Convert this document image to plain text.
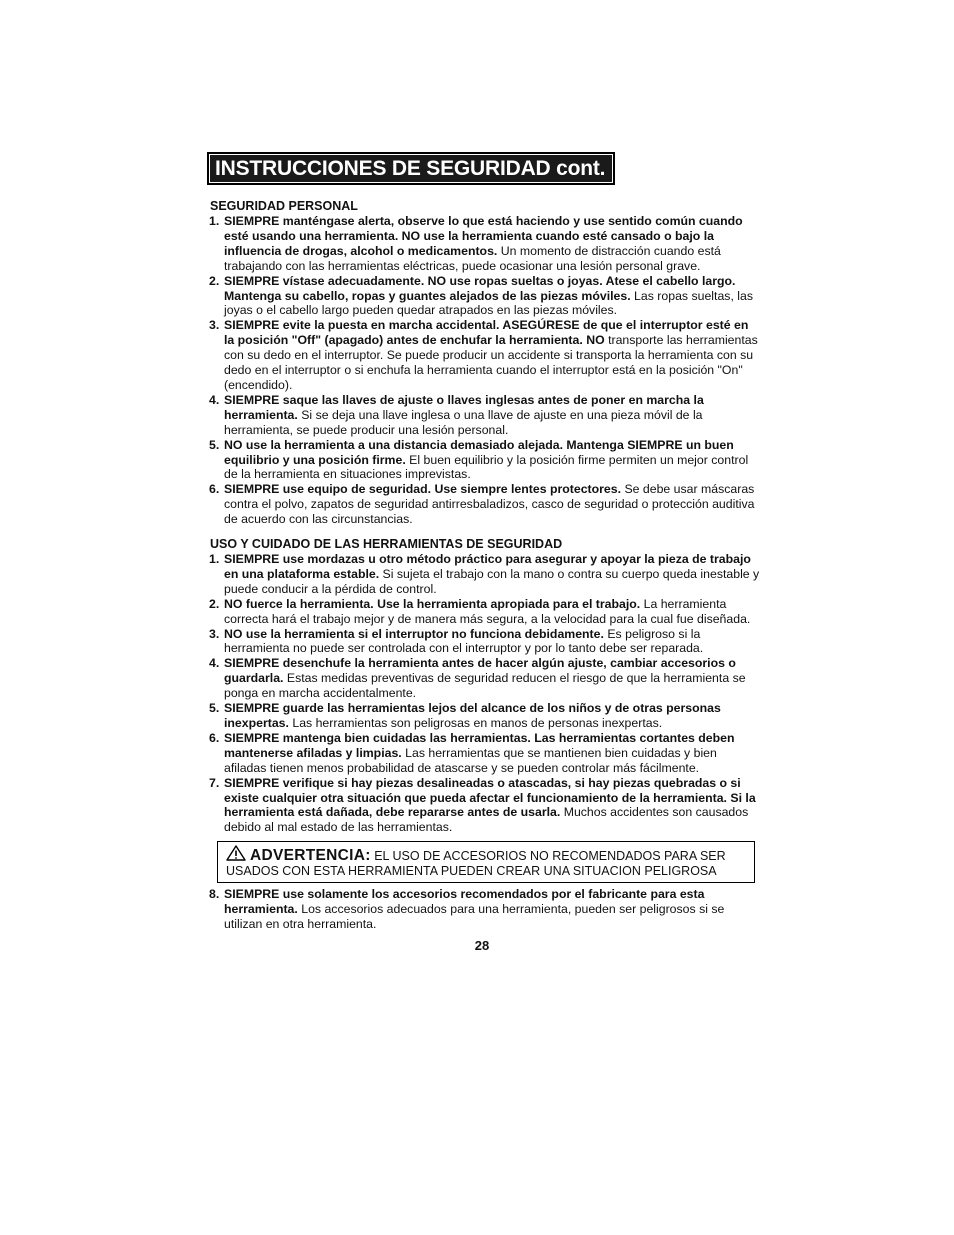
INSTRUCCIONES DE SEGURIDAD cont.
SEGURIDAD PERSONAL
1. SIEMPRE manténgase alerta, observe lo que está haciendo y use sentido común cuando esté usando una herramienta. NO use la herramienta cuando esté cansado o bajo la influencia de drogas, alcohol o medicamentos. Un momento de distracción cuando está trabajando con las herramientas eléctricas, puede ocasionar una lesión personal grave.
2. SIEMPRE vístase adecuadamente. NO use ropas sueltas o joyas. Atese el cabello largo. Mantenga su cabello, ropas y guantes alejados de las piezas móviles. Las ropas sueltas, las joyas o el cabello largo pueden quedar atrapados en las piezas móviles.
3. SIEMPRE evite la puesta en marcha accidental. ASEGÚRESE de que el interruptor esté en la posición "Off" (apagado) antes de enchufar la herramienta. NO transporte las herramientas con su dedo en el interruptor. Se puede producir un accidente si transporta la herramienta con su dedo en el interruptor o si enchufa la herramienta cuando el interruptor está en la posición "On" (encendido).
4. SIEMPRE saque las llaves de ajuste o llaves inglesas antes de poner en marcha la herramienta. Si se deja una llave inglesa o una llave de ajuste en una pieza móvil de la herramienta, se puede producir una lesión personal.
5. NO use la herramienta a una distancia demasiado alejada. Mantenga SIEMPRE un buen equilibrio y una posición firme. El buen equilibrio y la posición firme permiten un mejor control de la herramienta en situaciones imprevistas.
6. SIEMPRE use equipo de seguridad. Use siempre lentes protectores. Se debe usar máscaras contra el polvo, zapatos de seguridad antirresbaladizos, casco de seguridad o protección auditiva de acuerdo con las circunstancias.
USO Y CUIDADO DE LAS HERRAMIENTAS DE SEGURIDAD
1. SIEMPRE use mordazas u otro método práctico para asegurar y apoyar la pieza de trabajo en una plataforma estable. Si sujeta el trabajo con la mano o contra su cuerpo queda inestable y puede conducir a la pérdida de control.
2. NO fuerce la herramienta. Use la herramienta apropiada para el trabajo. La herramienta correcta hará el trabajo mejor y de manera más segura, a la velocidad para la cual fue diseñada.
3. NO use la herramienta si el interruptor no funciona debidamente. Es peligroso si la herramienta no puede ser controlada con el interruptor y por lo tanto debe ser reparada.
4. SIEMPRE desenchufe la herramienta antes de hacer algún ajuste, cambiar accesorios o guardarla. Estas medidas preventivas de seguridad reducen el riesgo de que la herramienta se ponga en marcha accidentalmente.
5. SIEMPRE guarde las herramientas lejos del alcance de los niños y de otras personas inexpertas. Las herramientas son peligrosas en manos de personas inexpertas.
6. SIEMPRE mantenga bien cuidadas las herramientas. Las herramientas cortantes deben mantenerse afiladas y limpias. Las herramientas que se mantienen bien cuidadas y bien afiladas tienen menos probabilidad de atascarse y se pueden controlar más fácilmente.
7. SIEMPRE verifique si hay piezas desalineadas o atascadas, si hay piezas quebradas o si existe cualquier otra situación que pueda afectar el funcionamiento de la herramienta. Si la herramienta está dañada, debe repararse antes de usarla. Muchos accidentes son causados debido al mal estado de las herramientas.
ADVERTENCIA: EL USO DE ACCESORIOS NO RECOMENDADOS PARA SER
USADOS CON ESTA HERRAMIENTA PUEDEN CREAR UNA SITUACION PELIGROSA
8. SIEMPRE use solamente los accesorios recomendados por el fabricante para esta herramienta. Los accesorios adecuados para una herramienta, pueden ser peligrosos si se utilizan en otra herramienta.
28
